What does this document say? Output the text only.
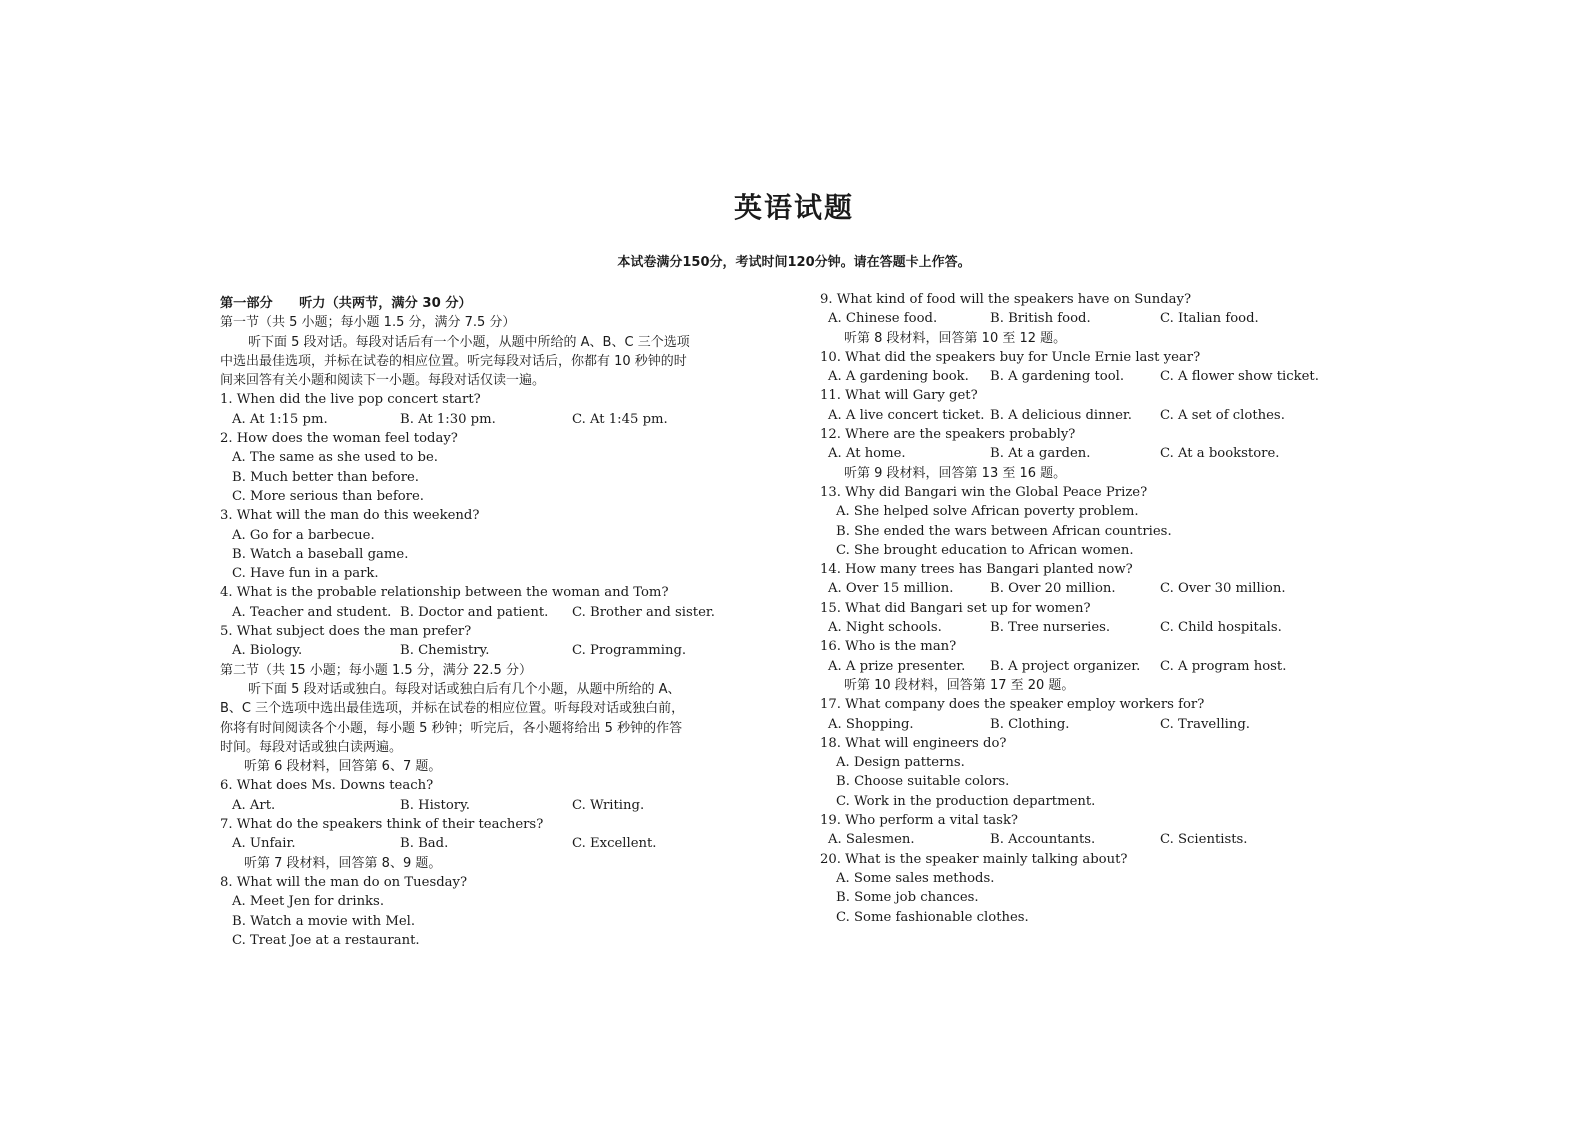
英语试题
本试卷满分150分，考试时间120分钟。请在答题卡上作答。
第一部分　　听力（共两节，满分 30 分）
第一节（共 5 小题；每小题 1.5 分，满分 7.5 分）
听下面 5 段对话。每段对话后有一个小题，从题中所给的 A、B、C 三个选项
中选出最佳选项，并标在试卷的相应位置。听完每段对话后，你都有 10 秒钟的时
间来回答有关小题和阅读下一小题。每段对话仅读一遍。
1. When did the live pop concert start?
A. At 1:15 pm.	B. At 1:30 pm.	C. At 1:45 pm.
2. How does the woman feel today?
A. The same as she used to be.
B. Much better than before.
C. More serious than before.
3. What will the man do this weekend?
A. Go for a barbecue.
B. Watch a baseball game.
C. Have fun in a park.
4. What is the probable relationship between the woman and Tom?
A. Teacher and student. B. Doctor and patient. C. Brother and sister.
5. What subject does the man prefer?
A. Biology.	B. Chemistry.	C. Programming.
第二节（共 15 小题；每小题 1.5 分，满分 22.5 分）
听下面 5 段对话或独白。每段对话或独白后有几个小题，从题中所给的 A、
B、C 三个选项中选出最佳选项，并标在试卷的相应位置。听每段对话或独白前，
你将有时间阅读各个小题，每小题 5 秒钟；听完后，各小题将给出 5 秒钟的作答
时间。每段对话或独白读两遍。
听第 6 段材料，回答第 6、7 题。
6. What does Ms. Downs teach?
A. Art.	B. History.	C. Writing.
7. What do the speakers think of their teachers?
A. Unfair.	B. Bad.	C. Excellent.
听第 7 段材料，回答第 8、9 题。
8. What will the man do on Tuesday?
A. Meet Jen for drinks.
B. Watch a movie with Mel.
C. Treat Joe at a restaurant.
9. What kind of food will the speakers have on Sunday?
A. Chinese food.	B. British food.	C. Italian food.
听第 8 段材料，回答第 10 至 12 题。
10. What did the speakers buy for Uncle Ernie last year?
A. A gardening book. B. A gardening tool.	C. A flower show ticket.
11. What will Gary get?
A. A live concert ticket. B. A delicious dinner. C. A set of clothes.
12. Where are the speakers probably?
A. At home.	B. At a garden.	C. At a bookstore.
听第 9 段材料，回答第 13 至 16 题。
13. Why did Bangari win the Global Peace Prize?
A. She helped solve African poverty problem.
B. She ended the wars between African countries.
C. She brought education to African women.
14. How many trees has Bangari planted now?
A. Over 15 million.	B. Over 20 million.	C. Over 30 million.
15. What did Bangari set up for women?
A. Night schools.	B. Tree nurseries.	C. Child hospitals.
16. Who is the man?
A. A prize presenter. B. A project organizer. C. A program host.
听第 10 段材料，回答第 17 至 20 题。
17. What company does the speaker employ workers for?
A. Shopping.	B. Clothing.	C. Travelling.
18. What will engineers do?
A. Design patterns.
B. Choose suitable colors.
C. Work in the production department.
19. Who perform a vital task?
A. Salesmen.	B. Accountants.	C. Scientists.
20. What is the speaker mainly talking about?
A. Some sales methods.
B. Some job chances.
C. Some fashionable clothes.
